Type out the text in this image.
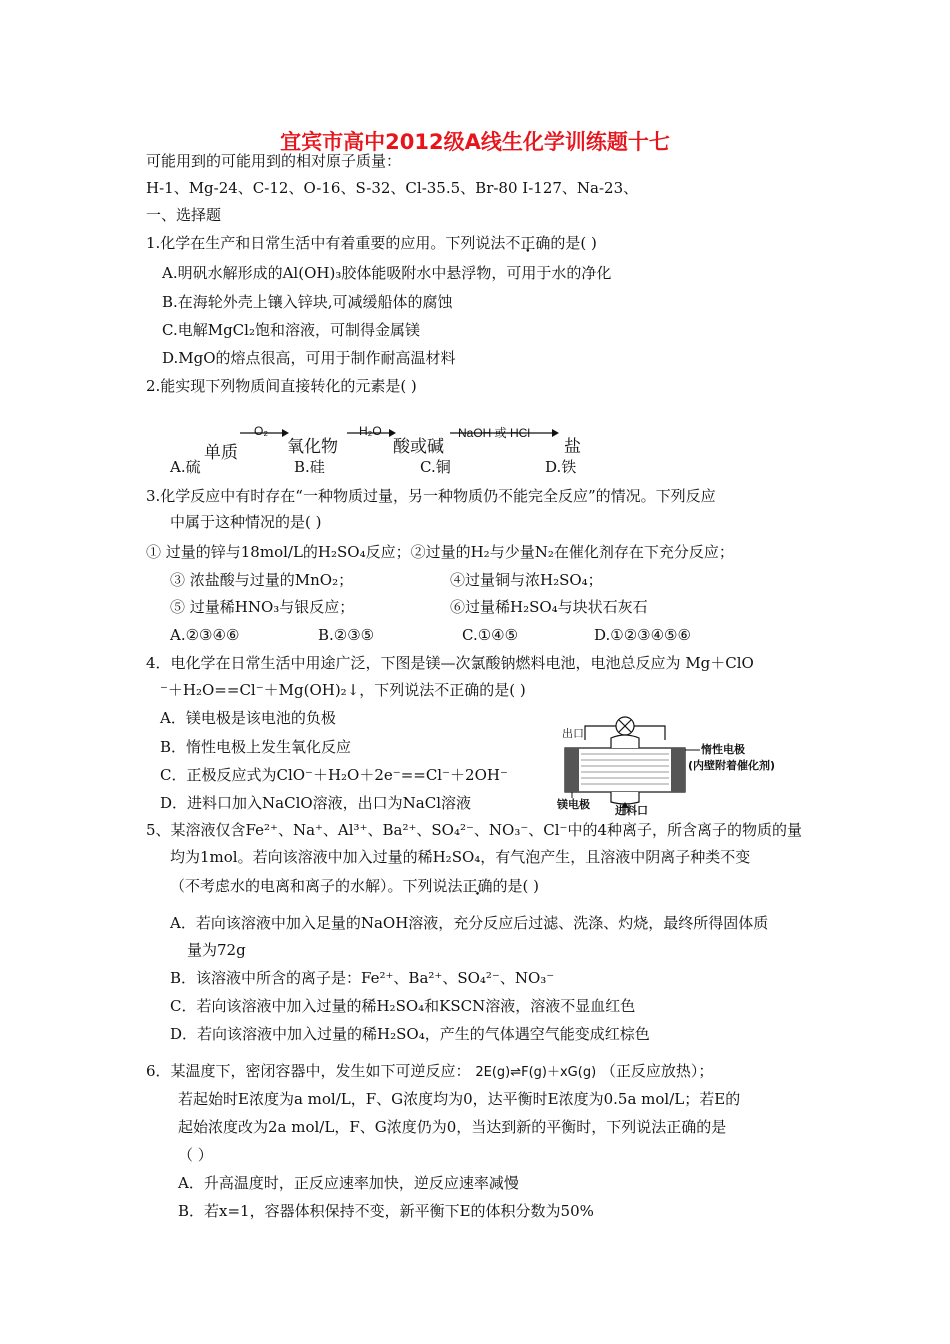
宜宾市高中2012级A线生化学训练题十七
可能用到的可能用到的相对原子质量：
H-1、Mg-24、C-12、O-16、S-32、Cl-35.5、Br-80 I-127、Na-23、
一、选择题
1.化学在生产和日常生活中有着重要的应用。下列说法不正确的是( )
A.明矾水解形成的Al(OH)₃胶体能吸附水中悬浮物，可用于水的净化
B.在海轮外壳上镶入锌块,可减缓船体的腐蚀
C.电解MgCl₂饱和溶液，可制得金属镁
D.MgO的熔点很高，可用于制作耐高温材料
2.能实现下列物质间直接转化的元素是( )
单质
O₂
氧化物
H₂O
酸或碱
NaOH 或 HCl
盐
A.硫	B.硅	C.铜	D.铁
3.化学反应中有时存在“一种物质过量，另一种物质仍不能完全反应”的情况。下列反应
中属于这种情况的是( )
① 过量的锌与18mol/L的H₂SO₄反应；②过量的H₂与少量N₂在催化剂存在下充分反应；
③ 浓盐酸与过量的MnO₂；	④过量铜与浓H₂SO₄；
⑤ 过量稀HNO₃与银反应；	⑥过量稀H₂SO₄与块状石灰石
A.②③④⑥	B.②③⑤	C.①④⑤	D.①②③④⑤⑥
4．电化学在日常生活中用途广泛，下图是镁—次氯酸钠燃料电池，电池总反应为 Mg＋ClO
⁻＋H₂O==Cl⁻＋Mg(OH)₂↓，下列说法不正确的是( )
A．镁电极是该电池的负极
B．惰性电极上发生氧化反应
C．正极反应式为ClO⁻＋H₂O＋2e⁻==Cl⁻＋2OH⁻
D．进料口加入NaClO溶液，出口为NaCl溶液
出口
惰性电极
(内壁附着催化剂)
镁电极 进料口
5、某溶液仅含Fe²⁺、Na⁺、Al³⁺、Ba²⁺、SO₄²⁻、NO₃⁻、Cl⁻中的4种离子，所含离子的物质的量
均为1mol。若向该溶液中加入过量的稀H₂SO₄，有气泡产生，且溶液中阴离子种类不变
（不考虑水的电离和离子的水解）。下列说法正确的是( )
A．若向该溶液中加入足量的NaOH溶液，充分反应后过滤、洗涤、灼烧，最终所得固体质
量为72g
B．该溶液中所含的离子是：Fe²⁺、Ba²⁺、SO₄²⁻、NO₃⁻
C．若向该溶液中加入过量的稀H₂SO₄和KSCN溶液，溶液不显血红色
D．若向该溶液中加入过量的稀H₂SO₄，产生的气体遇空气能变成红棕色
6．某温度下，密闭容器中，发生如下可逆反应： 2E(g)⇌F(g)＋xG(g) （正反应放热）；
若起始时E浓度为a mol/L，F、G浓度均为0，达平衡时E浓度为0.5a mol/L；若E的
起始浓度改为2a mol/L，F、G浓度仍为0，当达到新的平衡时，下列说法正确的是
（ ）
A．升高温度时，正反应速率加快，逆反应速率减慢
B．若x=1，容器体积保持不变，新平衡下E的体积分数为50%
